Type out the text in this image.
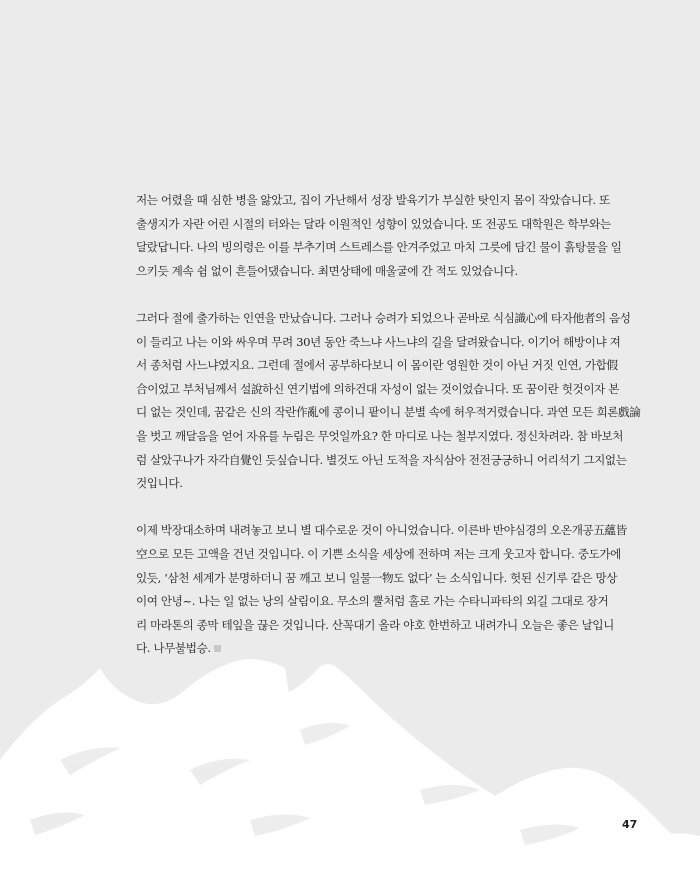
저는 어렸을 때 심한 병을 앓았고, 집이 가난해서 성장 발육기가 부실한 탓인지 몸이 작았습니다. 또
출생지가 자란 어린 시절의 터와는 달라 이원적인 성향이 있었습니다. 또 전공도 대학원은 학부와는
달랐답니다. 나의 빙의령은 이를 부추기며 스트레스를 안겨주었고 마치 그릇에 담긴 물이 흙탕물을 일
으키듯 계속 쉼 없이 흔들어댔습니다. 최면상태에 매울굴에 간 적도 있었습니다.

그러다 절에 출가하는 인연을 만났습니다. 그러나 승려가 되었으나 곧바로 식심識心에 타자他者의 음성
이 들리고 나는 이와 싸우며 무려 30년 동안 죽느냐 사느냐의 길을 달려왔습니다. 이기어 해방이냐 져
서 종처럼 사느냐였지요. 그런데 절에서 공부하다보니 이 몸이란 영원한 것이 아닌 거짓 인연, 가합假
合이었고 부처님께서 설說하신 연기법에 의하건대 자성이 없는 것이었습니다. 또 꿈이란 헛것이자 본
디 없는 것인데, 꿈같은 신의 작란作亂에 콩이니 팥이니 분별 속에 허우적거렸습니다. 과연 모든 희론戲論
을 벗고 깨달음을 얻어 자유를 누림은 무엇일까요? 한 마디로 나는 철부지였다. 정신차려라. 참 바보처
럼 살았구나가 자각自覺인 듯싶습니다. 별것도 아닌 도적을 자식삼아 전전긍긍하니 어리석기 그지없는
것입니다.

이제 박장대소하며 내려놓고 보니 별 대수로운 것이 아니었습니다. 이른바 반야심경의 오온개공五蘊皆
空으로 모든 고액을 건넌 것입니다. 이 기쁜 소식을 세상에 전하며 저는 크게 웃고자 합니다. 중도가에
있듯, ‘삼천 세계가 분명하더니 꿈 깨고 보니 일물一物도 없다’ 는 소식입니다. 헛된 신기루 같은 망상
이여 안녕~. 나는 일 없는 낭의 살림이요. 무소의 뿔처럼 홀로 가는 수타니파타의 외길 그대로 장거
리 마라톤의 종막 테잎을 끊은 것입니다. 산꼭대기 올라 야호 한번하고 내려가니 오늘은 좋은 날입니
다. 나무불법승.

47
